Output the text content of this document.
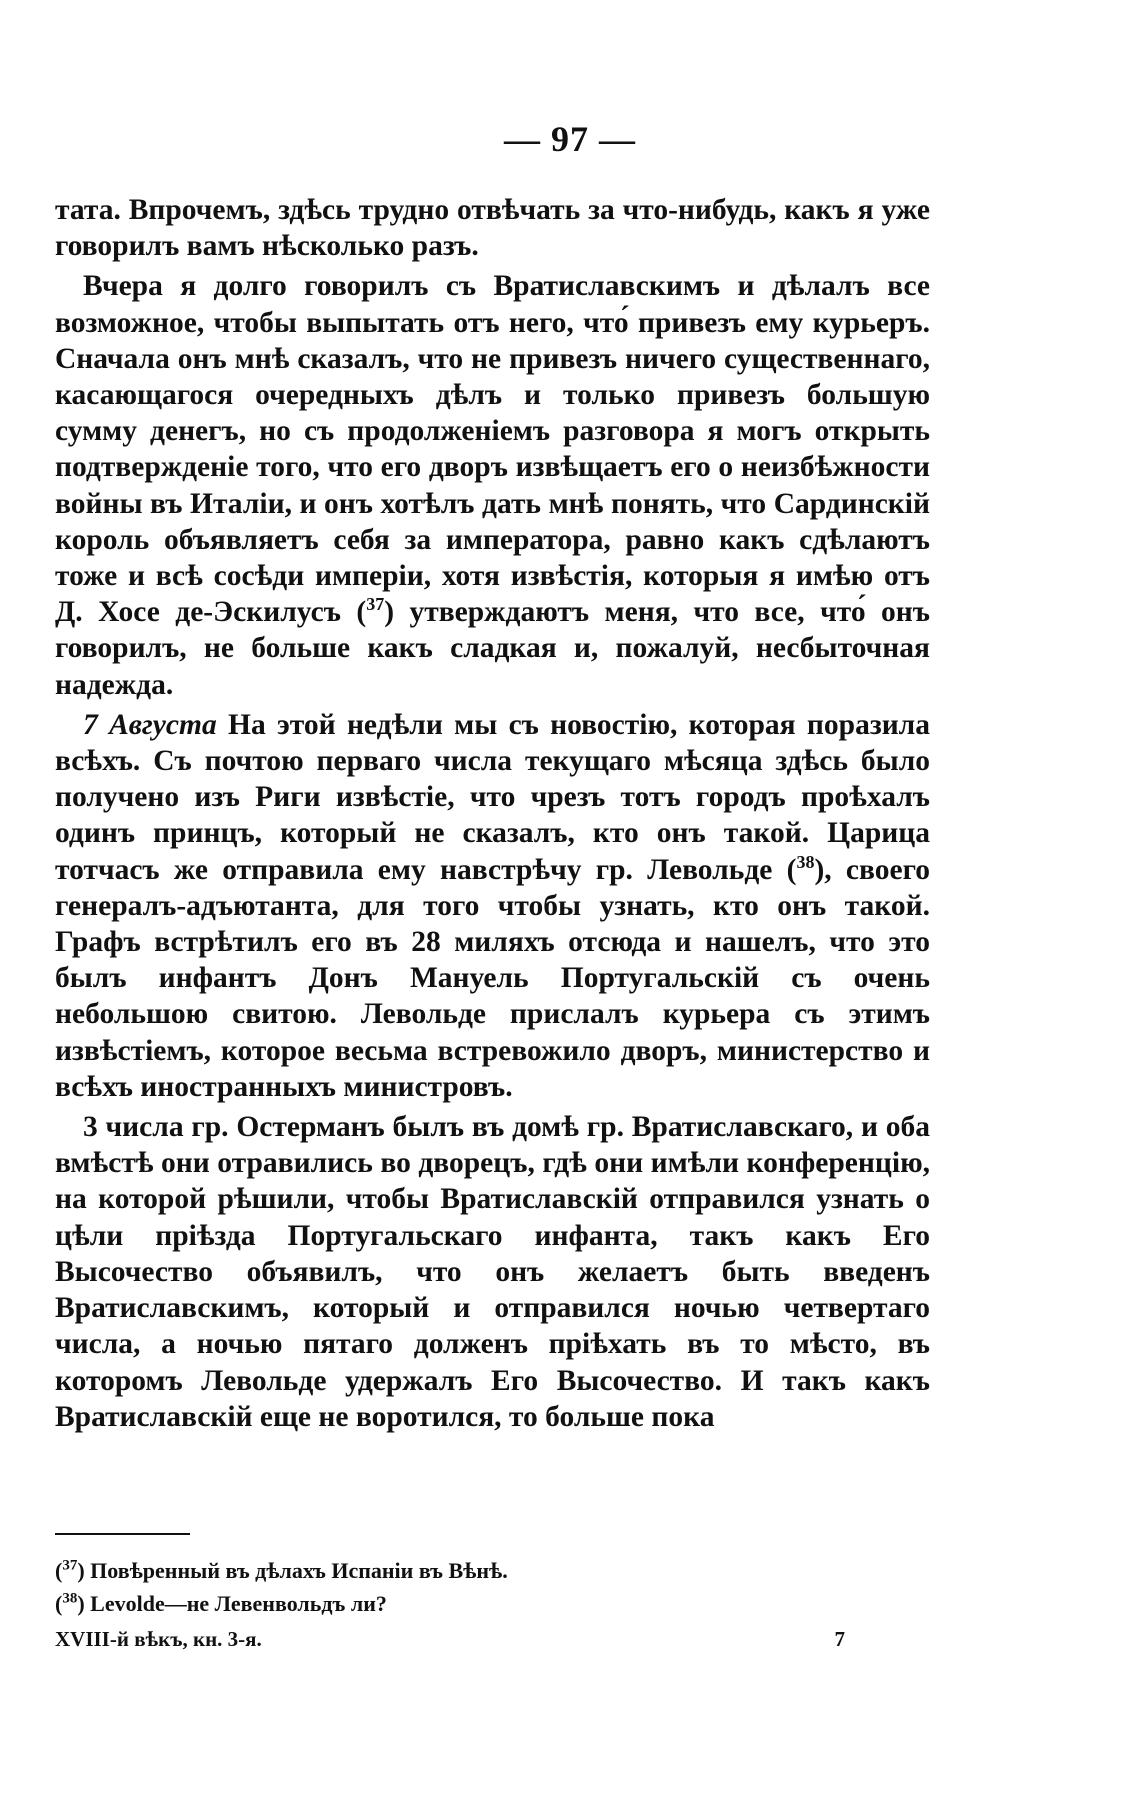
— 97 —

тата. Впрочемъ, здѣсь трудно отвѣчать за что-нибудь, какъ я уже говорилъ вамъ нѣсколько разъ.

Вчера я долго говорилъ съ Вратиславскимъ и дѣлалъ все возможное, чтобы выпытать отъ него, что́ привезъ ему курьеръ. Сначала онъ мнѣ сказалъ, что не привезъ ничего существеннаго, касающагося очередныхъ дѣлъ и только привезъ большую сумму денегъ, но съ продолженіемъ разговора я могъ открыть подтвержденіе того, что его дворъ извѣщаетъ его о неизбѣжности войны въ Италіи, и онъ хотѣлъ дать мнѣ понять, что Сардинскій король объявляетъ себя за императора, равно какъ сдѣлаютъ тоже и всѣ сосѣди имперіи, хотя извѣстія, которыя я имѣю отъ Д. Хосе де-Эскилусъ ($^{37}$) утверждаютъ меня, что все, что́ онъ говорилъ, не больше какъ сладкая и, пожалуй, несбыточная надежда.

7 Августа На этой недѣли мы съ новостію, которая поразила всѣхъ. Съ почтою перваго числа текущаго мѣсяца здѣсь было получено изъ Риги извѣстіе, что чрезъ тотъ городъ проѣхалъ одинъ принцъ, который не сказалъ, кто онъ такой. Царица тотчасъ же отправила ему навстрѣчу гр. Левольде ($^{38}$), своего генералъ-адъютанта, для того чтобы узнать, кто онъ такой. Графъ встрѣтилъ его въ 28 миляхъ отсюда и нашелъ, что это былъ инфантъ Донъ Мануель Португальскій съ очень небольшою свитою. Левольде прислалъ курьера съ этимъ извѣстіемъ, которое весьма встревожило дворъ, министерство и всѣхъ иностранныхъ министровъ.

3 числа гр. Остерманъ былъ въ домѣ гр. Вратиславскаго, и оба вмѣстѣ они отравились во дворецъ, гдѣ они имѣли конференцію, на которой рѣшили, чтобы Вратиславскій отправился узнать о цѣли пріѣзда Португальскаго инфанта, такъ какъ Его Высочество объявилъ, что онъ желаетъ быть введенъ Вратиславскимъ, который и отправился ночью четвертаго числа, а ночью пятаго долженъ пріѣхать въ то мѣсто, въ которомъ Левольде удержалъ Его Высочество. И такъ какъ Вратиславскій еще не воротился, то больше пока

($^{37}$) Повѣренный въ дѣлахъ Испаніи въ Вѣнѣ.
($^{38}$) Levolde—не Левенвольдъ ли?
XVIII-й вѣкъ, кн. 3-я.	7
